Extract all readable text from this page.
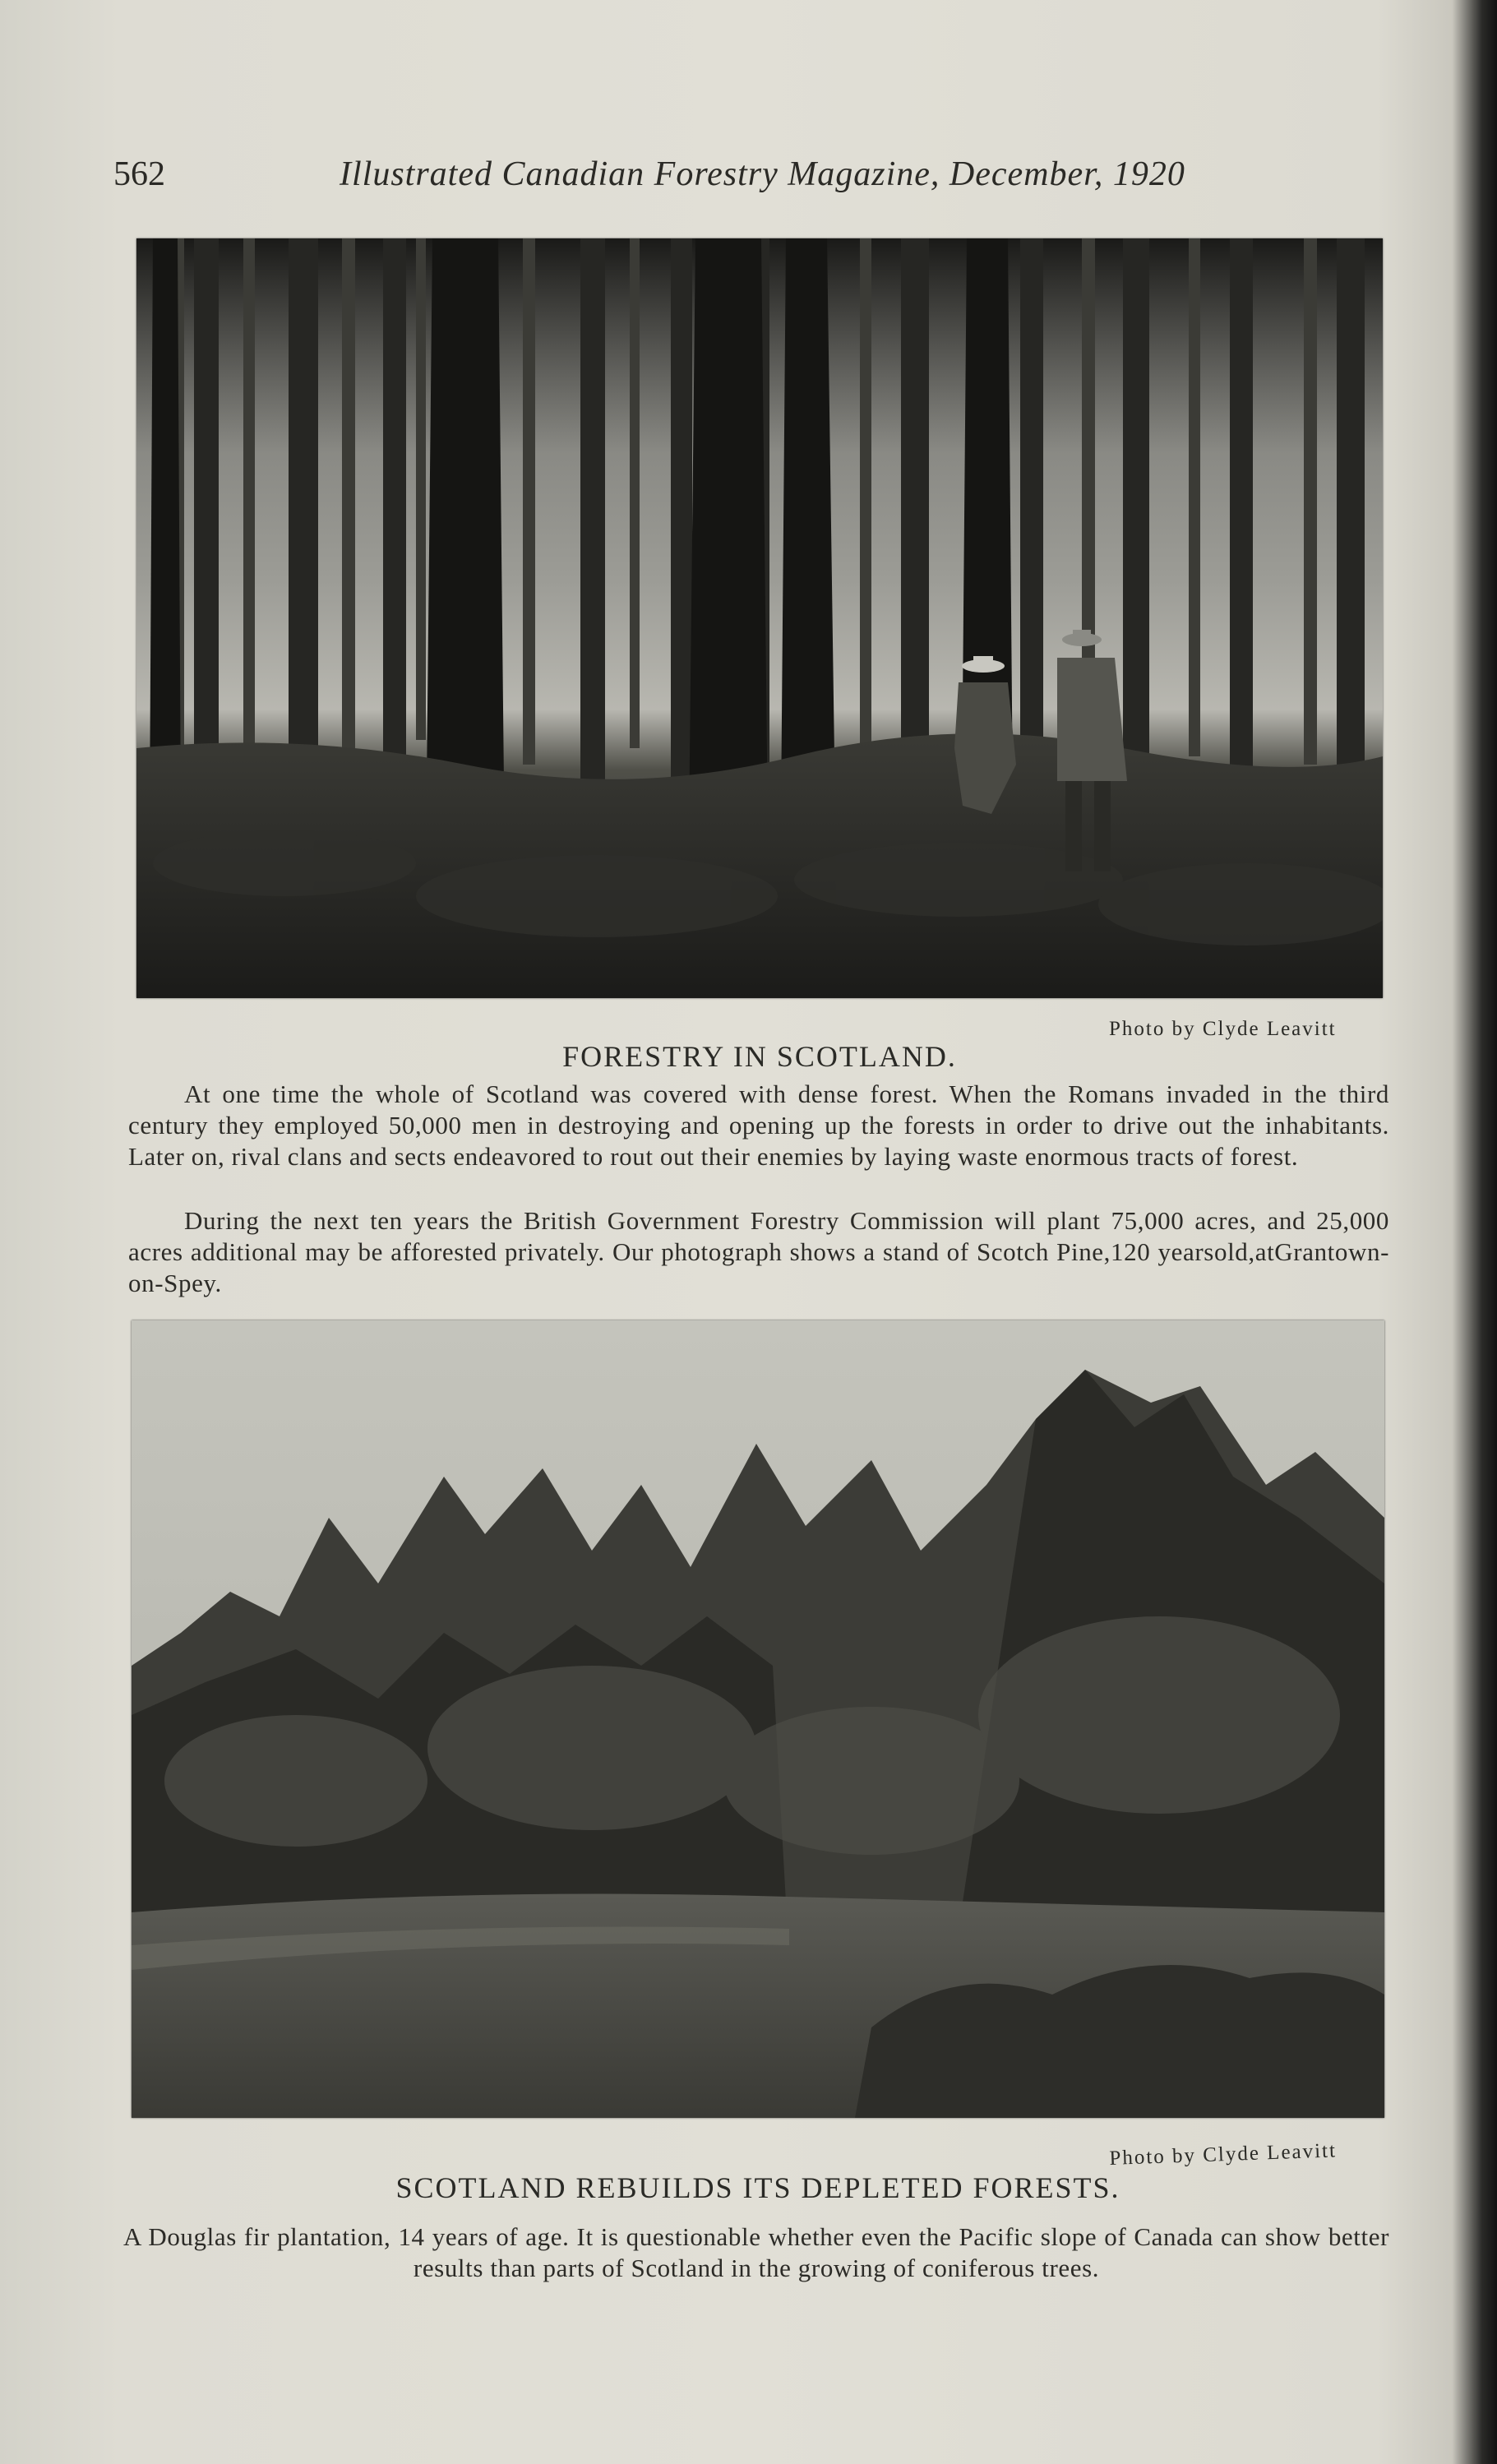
562	Illustrated Canadian Forestry Magazine, December, 1920
Photo by Clyde Leavitt
FORESTRY IN SCOTLAND.

At one time the whole of Scotland was covered with dense forest. When the Romans invaded in the third century they employed 50,000 men in destroying and opening up the forests in order to drive out the inhabitants. Later on, rival clans and sects endeavored to rout out their enemies by laying waste enormous tracts of forest.

During the next ten years the British Government Forestry Commission will plant 75,000 acres, and 25,000 acres additional may be afforested privately. Our photograph shows a stand of Scotch Pine,120 yearsold,atGrantown-on-Spey.

Photo by Clyde Leavitt
SCOTLAND REBUILDS ITS DEPLETED FORESTS.

A Douglas fir plantation, 14 years of age. It is questionable whether even the Pacific slope of Canada can show better results than parts of Scotland in the growing of coniferous trees.
